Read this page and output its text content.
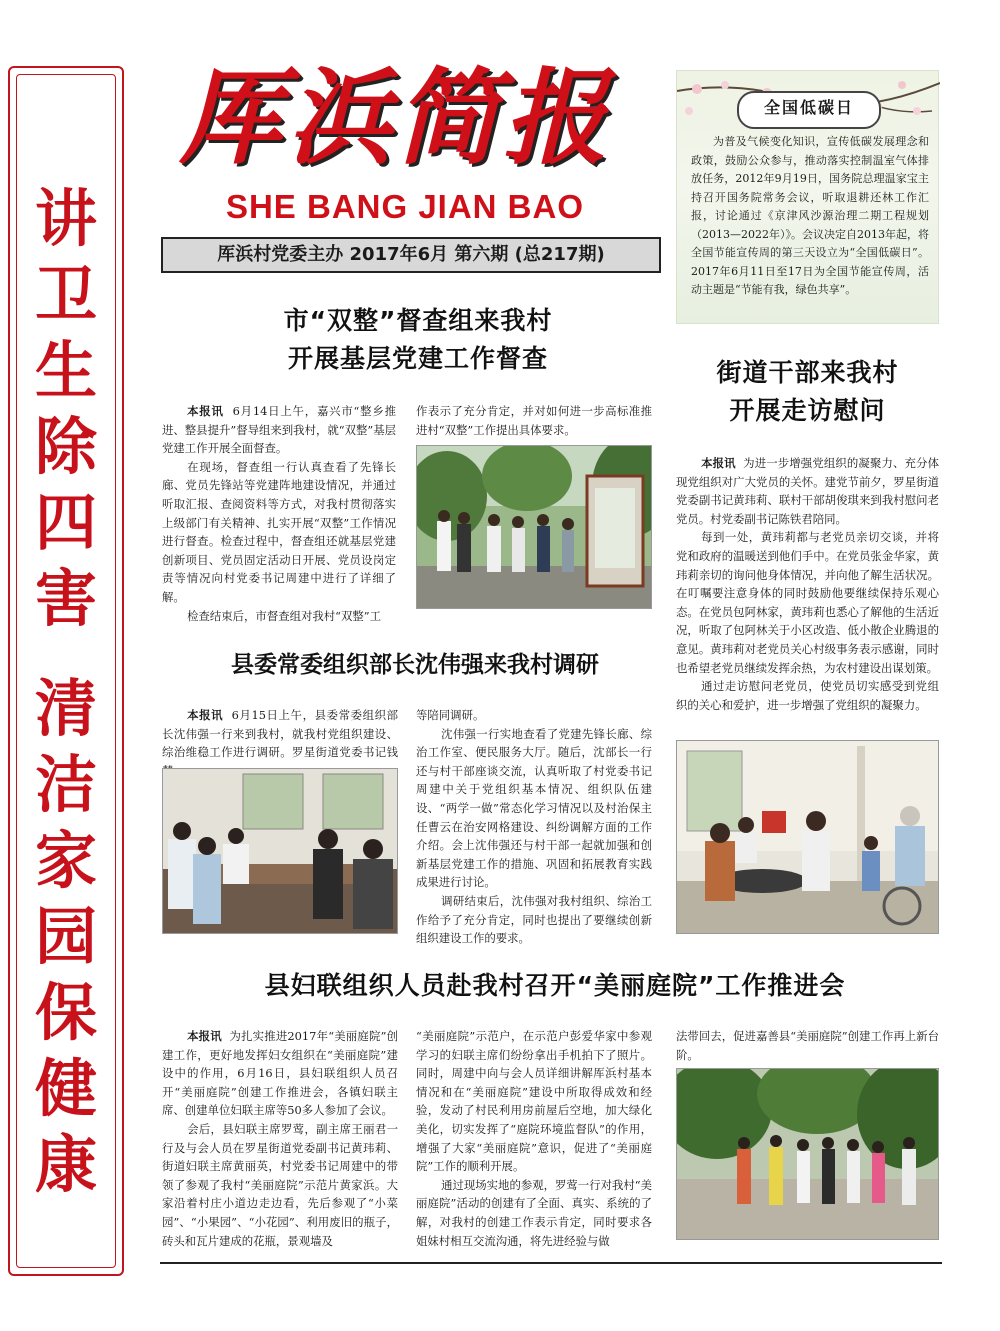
讲
卫
生
除
四
害
清
洁
家
园
保
健
康
厍浜简报
SHE BANG JIAN BAO
厍浜村党委主办 2017年6月 第六期 (总217期)
全国低碳日
为普及气候变化知识，宣传低碳发展理念和政策，鼓励公众参与，推动落实控制温室气体排放任务，2012年9月19日，国务院总理温家宝主持召开国务院常务会议，听取退耕还林工作汇报，讨论通过《京津风沙源治理二期工程规划（2013—2022年）》。会议决定自2013年起，将全国节能宣传周的第三天设立为“全国低碳日”。2017年6月11日至17日为全国节能宣传周，活动主题是“节能有我，绿色共享”。
市“双整”督查组来我村
开展基层党建工作督查

本报讯 6月14日上午，嘉兴市“整乡推进、整县提升”督导组来到我村，就“双整”基层党建工作开展全面督查。

在现场，督查组一行认真查看了先锋长廊、党员先锋站等党建阵地建设情况，并通过听取汇报、查阅资料等方式，对我村贯彻落实上级部门有关精神、扎实开展“双整”工作情况进行督查。检查过程中，督查组还就基层党建创新项目、党员固定活动日开展、党员设岗定责等情况向村党委书记周建中进行了详细了解。

检查结束后，市督查组对我村“双整”工

作表示了充分肯定，并对如何进一步高标准推进村“双整”工作提出具体要求。

街道干部来我村
开展走访慰问

本报讯 为进一步增强党组织的凝聚力、充分体现党组织对广大党员的关怀。建党节前夕，罗星街道党委副书记黄玮莉、联村干部胡俊琪来到我村慰问老党员。村党委副书记陈铁君陪同。

每到一处，黄玮莉都与老党员亲切交谈，并将党和政府的温暖送到他们手中。在党员张金华家，黄玮莉亲切的询问他身体情况，并向他了解生活状况。在叮嘱要注意身体的同时鼓励他要继续保持乐观心态。在党员包阿林家，黄玮莉也悉心了解他的生活近况，听取了包阿林关于小区改造、低小散企业腾退的意见。黄玮莉对老党员关心村级事务表示感谢，同时也希望老党员继续发挥余热，为农村建设出谋划策。

通过走访慰问老党员，使党员切实感受到党组织的关心和爱护，进一步增强了党组织的凝聚力。

县委常委组织部长沈伟强来我村调研

本报讯 6月15日上午，县委常委组织部长沈伟强一行来到我村，就我村党组织建设、综治维稳工作进行调研。罗星街道党委书记钱

等陪同调研。

沈伟强一行实地查看了党建先锋长廊、综治工作室、便民服务大厅。随后，沈部长一行还与村干部座谈交流，认真听取了村党委书记周建中关于党组织基本情况、组织队伍建设、“两学一做”常态化学习情况以及村治保主任曹云在治安网格建设、纠纷调解方面的工作介绍。会上沈伟强还与村干部一起就加强和创新基层党建工作的措施、巩固和拓展教育实践成果进行讨论。

调研结束后，沈伟强对我村组织、综治工作给予了充分肯定，同时也提出了要继续创新组织建设工作的要求。

县妇联组织人员赴我村召开“美丽庭院”工作推进会

本报讯 为扎实推进2017年“美丽庭院”创建工作，更好地发挥妇女组织在“美丽庭院”建设中的作用，6月16日，县妇联组织人员召开“美丽庭院”创建工作推进会，各镇妇联主席、创建单位妇联主席等50多人参加了会议。

会后，县妇联主席罗莺，副主席王丽君一行及与会人员在罗星街道党委副书记黄玮莉、街道妇联主席黄丽英，村党委书记周建中的带领了参观了我村“美丽庭院”示范片黄家浜。大家沿着村庄小道边走边看，先后参观了“小菜园”、“小果园”、“小花园”、利用废旧的瓶子，砖头和瓦片建成的花瓶，景观墙及

“美丽庭院”示范户，在示范户彭爱华家中参观学习的妇联主席们纷纷拿出手机拍下了照片。同时，周建中向与会人员详细讲解厍浜村基本情况和在“美丽庭院”建设中所取得成效和经验，发动了村民利用房前屋后空地，加大绿化美化，切实发挥了“庭院环境监督队”的作用，增强了大家“美丽庭院”意识，促进了“美丽庭院”工作的顺利开展。

通过现场实地的参观，罗莺一行对我村“美丽庭院”活动的创建有了全面、真实、系统的了解，对我村的创建工作表示肯定，同时要求各姐妹村相互交流沟通，将先进经验与做

法带回去，促进嘉善县“美丽庭院”创建工作再上新台阶。
